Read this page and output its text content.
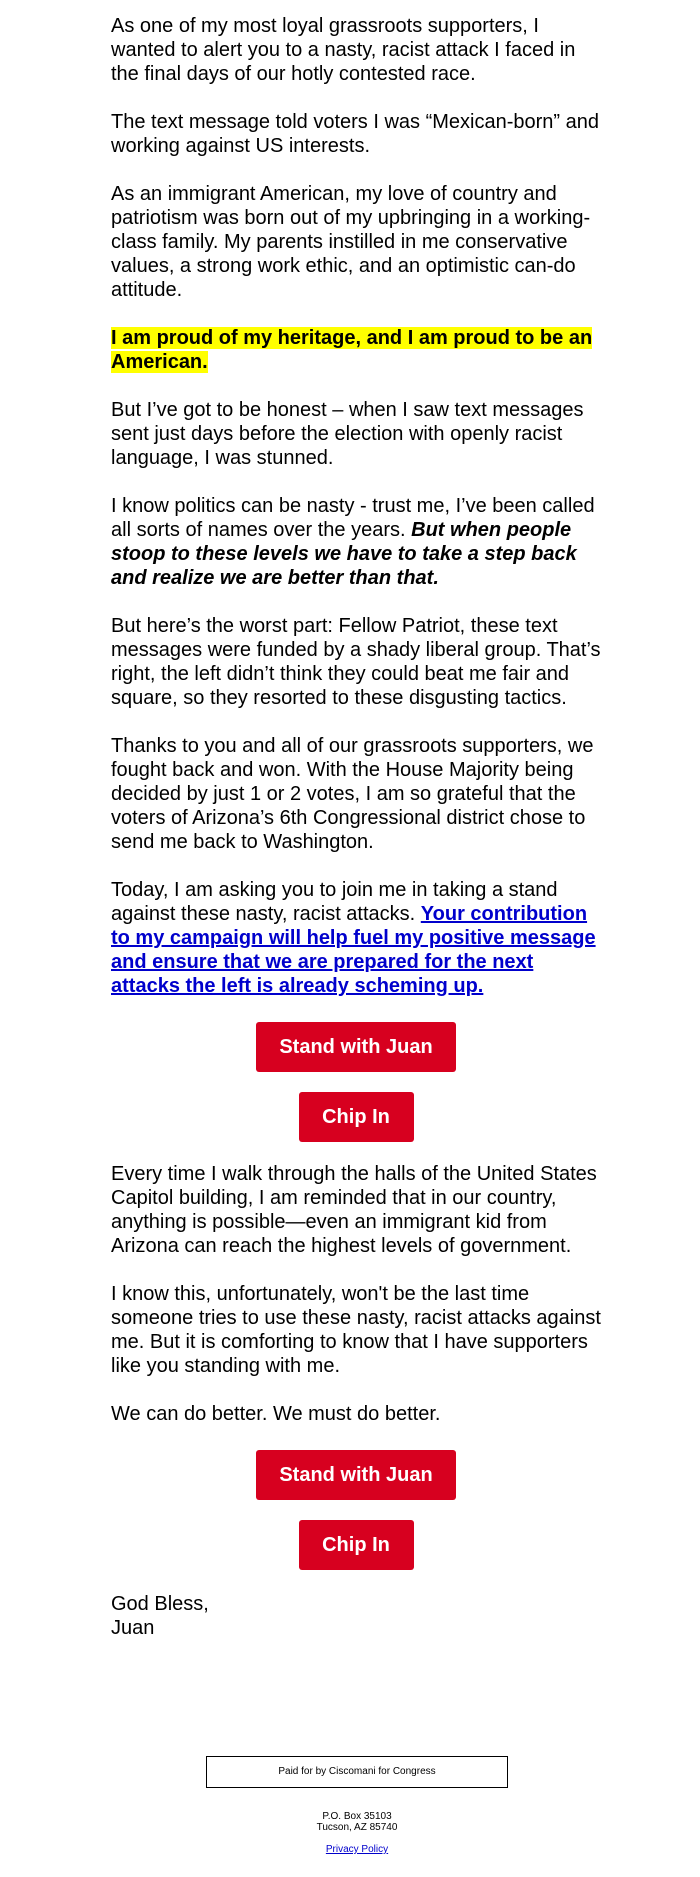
As one of my most loyal grassroots supporters, I wanted to alert you to a nasty, racist attack I faced in the final days of our hotly contested race.

The text message told voters I was “Mexican-born” and working against US interests.

As an immigrant American, my love of country and patriotism was born out of my upbringing in a working-class family. My parents instilled in me conservative values, a strong work ethic, and an optimistic can-do attitude.

I am proud of my heritage, and I am proud to be an American.

But I’ve got to be honest – when I saw text messages sent just days before the election with openly racist language, I was stunned.

I know politics can be nasty - trust me, I’ve been called all sorts of names over the years. But when people stoop to these levels we have to take a step back and realize we are better than that.

But here’s the worst part: Fellow Patriot, these text messages were funded by a shady liberal group. That’s right, the left didn’t think they could beat me fair and square, so they resorted to these disgusting tactics.

Thanks to you and all of our grassroots supporters, we fought back and won. With the House Majority being decided by just 1 or 2 votes, I am so grateful that the voters of Arizona’s 6th Congressional district chose to send me back to Washington.

Today, I am asking you to join me in taking a stand against these nasty, racist attacks. Your contribution to my campaign will help fuel my positive message and ensure that we are prepared for the next attacks the left is already scheming up.

Stand with Juan
Chip In

Every time I walk through the halls of the United States Capitol building, I am reminded that in our country, anything is possible—even an immigrant kid from Arizona can reach the highest levels of government.

I know this, unfortunately, won't be the last time someone tries to use these nasty, racist attacks against me. But it is comforting to know that I have supporters like you standing with me.

We can do better. We must do better.

Stand with Juan
Chip In
God Bless,
Juan
Paid for by Ciscomani for Congress
P.O. Box 35103
Tucson, AZ 85740
Privacy Policy
